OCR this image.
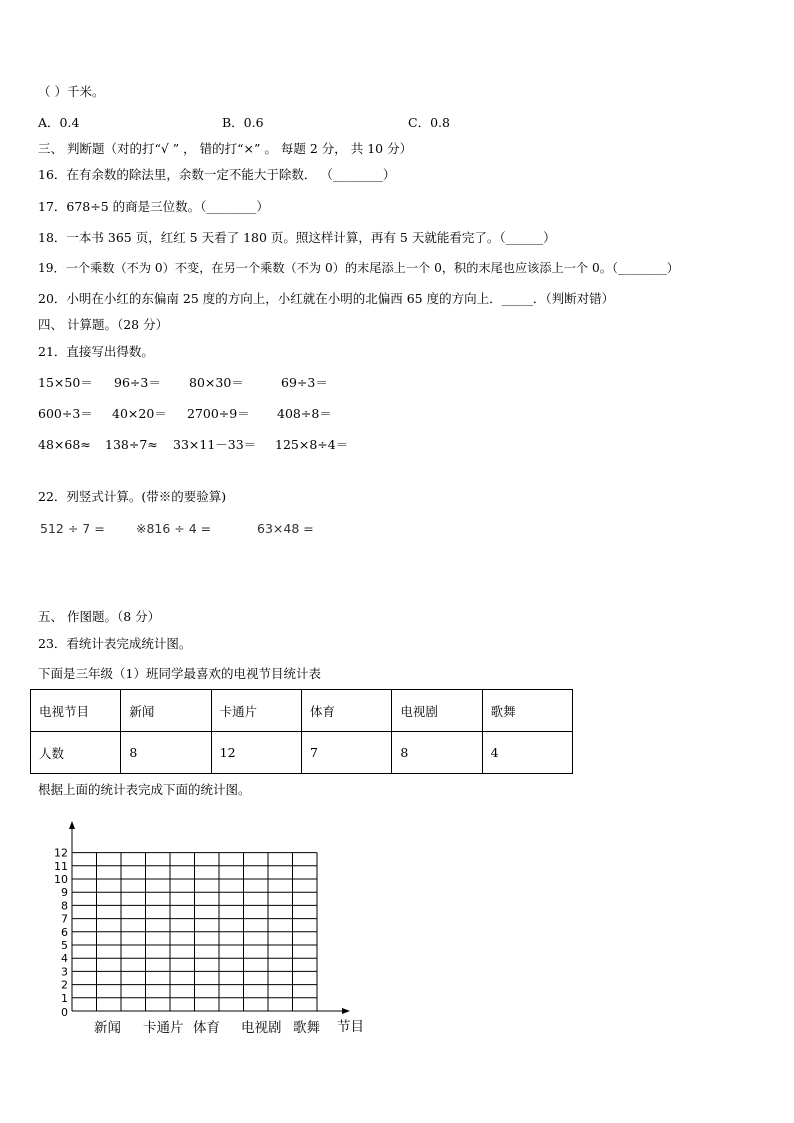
（ ）千米。
A．0.4	B．0.6	C．0.8
三、 判断题（对的打“√ ” ， 错的打“×” 。 每题 2 分， 共 10 分）
16．在有余数的除法里，余数一定不能大于除数． （________）
17．678÷5 的商是三位数。（________）
18．一本书 365 页，红红 5 天看了 180 页。照这样计算，再有 5 天就能看完了。（______）
19．一个乘数（不为 0）不变，在另一个乘数（不为 0）的末尾添上一个 0，积的末尾也应该添上一个 0。（________）
20．小明在小红的东偏南 25 度的方向上，小红就在小明的北偏西 65 度的方向上．_____．（判断对错）
四、 计算题。（28 分）
21．直接写出得数。
15×50＝ 96÷3＝ 80×30＝	69÷3＝
600÷3＝ 40×20＝ 2700÷9＝ 408÷8＝
48×68≈ 138÷7≈ 33×11－33＝ 125×8÷4＝
22．列竖式计算。(带※的要验算)
512 ÷ 7 =	※816 ÷ 4 =	63×48 =
五、 作图题。（8 分）
23．看统计表完成统计图。
下面是三年级（1）班同学最喜欢的电视节目统计表
电视节目	新闻	卡通片	体育	电视剧	歌舞
人数	8	12	7	8	4
根据上面的统计表完成下面的统计图。
0
1
2
3
4
5
6
7
8
9
10
11
12
新闻 卡通片 体育 电视剧 歌舞 节目
